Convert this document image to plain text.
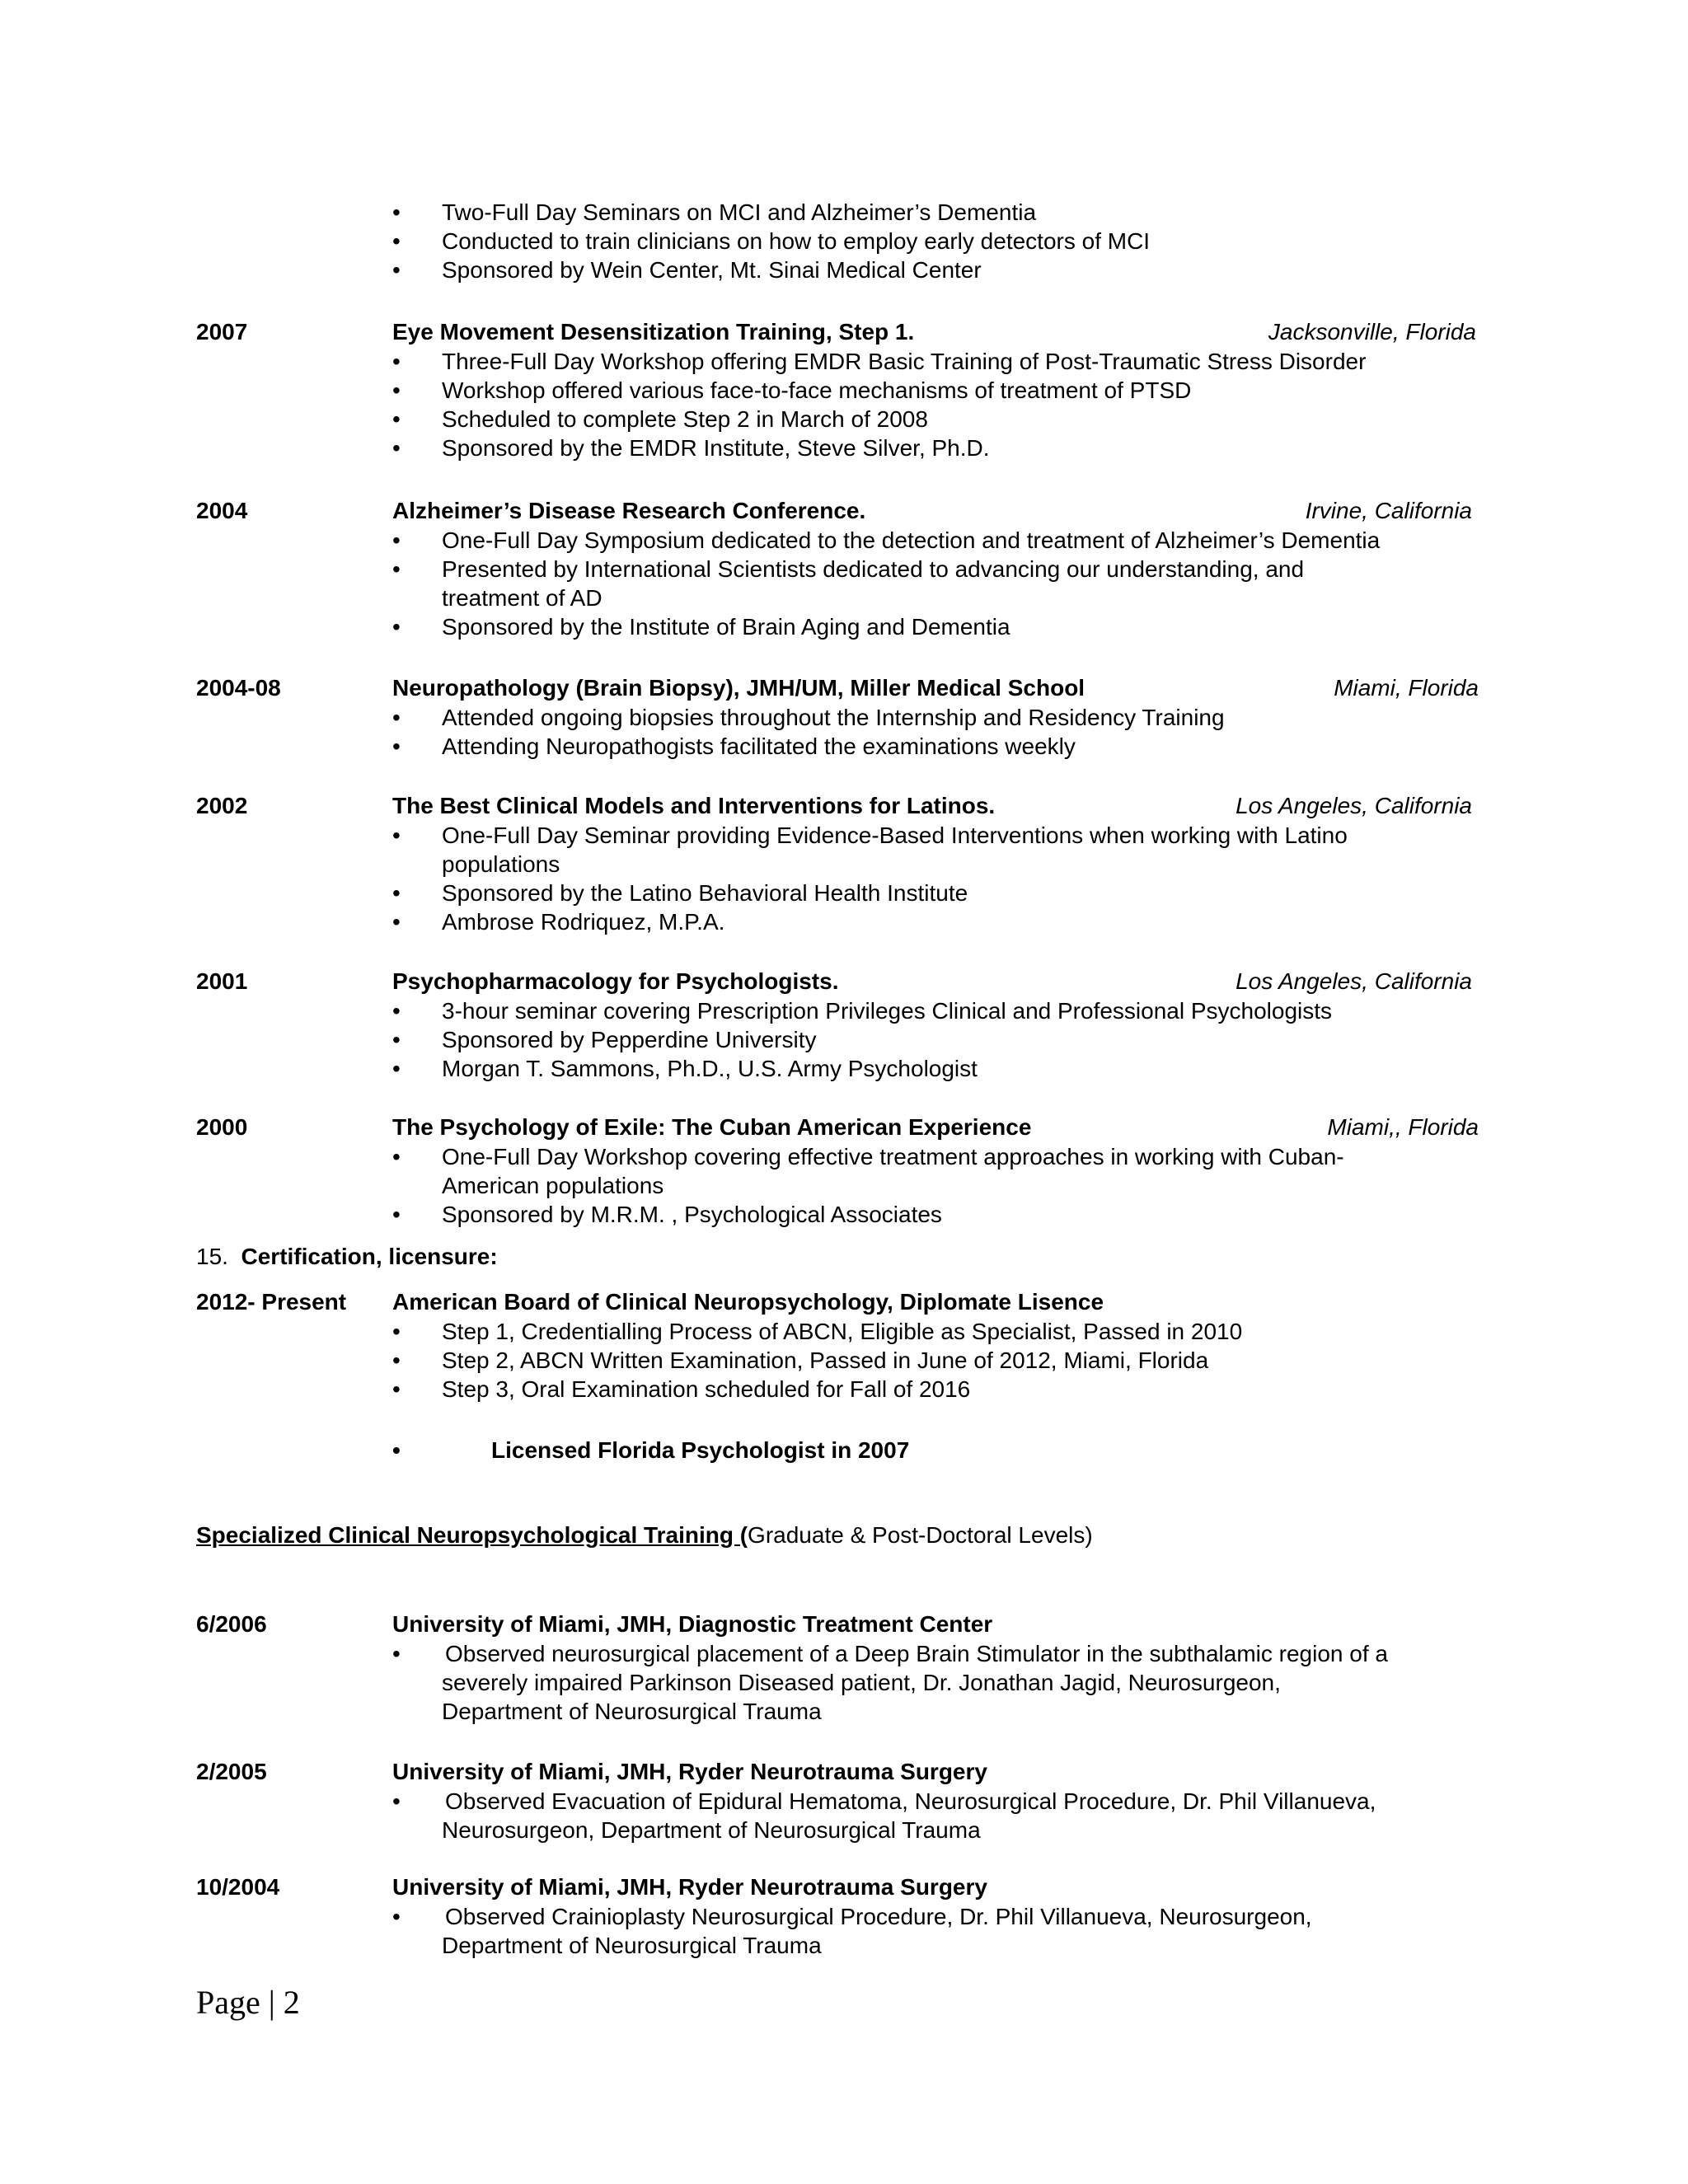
• Two-Full Day Seminars on MCI and Alzheimer’s Dementia
• Conducted to train clinicians on how to employ early detectors of MCI
• Sponsored by Wein Center, Mt. Sinai Medical Center
2007	Eye Movement Desensitization Training, Step 1.	Jacksonville, Florida
• Three-Full Day Workshop offering EMDR Basic Training of Post-Traumatic Stress Disorder
• Workshop offered various face-to-face mechanisms of treatment of PTSD
• Scheduled to complete Step 2 in March of 2008
• Sponsored by the EMDR Institute, Steve Silver, Ph.D.
2004	Alzheimer’s Disease Research Conference.	Irvine, California
• One-Full Day Symposium dedicated to the detection and treatment of Alzheimer’s Dementia
• Presented by International Scientists dedicated to advancing our understanding, and
treatment of AD
• Sponsored by the Institute of Brain Aging and Dementia
2004-08	Neuropathology (Brain Biopsy), JMH/UM, Miller Medical School	Miami, Florida
• Attended ongoing biopsies throughout the Internship and Residency Training
• Attending Neuropathogists facilitated the examinations weekly
2002	The Best Clinical Models and Interventions for Latinos.	Los Angeles, California
• One-Full Day Seminar providing Evidence-Based Interventions when working with Latino
populations
• Sponsored by the Latino Behavioral Health Institute
• Ambrose Rodriquez, M.P.A.
2001	Psychopharmacology for Psychologists.	Los Angeles, California
• 3-hour seminar covering Prescription Privileges Clinical and Professional Psychologists
• Sponsored by Pepperdine University
• Morgan T. Sammons, Ph.D., U.S. Army Psychologist
2000	The Psychology of Exile: The Cuban American Experience	Miami,, Florida
• One-Full Day Workshop covering effective treatment approaches in working with Cuban-
American populations
• Sponsored by M.R.M. , Psychological Associates
15. Certification, licensure:
2012- Present American Board of Clinical Neuropsychology, Diplomate Lisence
• Step 1, Credentialling Process of ABCN, Eligible as Specialist, Passed in 2010
• Step 2, ABCN Written Examination, Passed in June of 2012, Miami, Florida
• Step 3, Oral Examination scheduled for Fall of 2016
• Licensed Florida Psychologist in 2007
Specialized Clinical Neuropsychological Training (Graduate & Post-Doctoral Levels)
6/2006	University of Miami, JMH, Diagnostic Treatment Center
• Observed neurosurgical placement of a Deep Brain Stimulator in the subthalamic region of a
severely impaired Parkinson Diseased patient, Dr. Jonathan Jagid, Neurosurgeon,
Department of Neurosurgical Trauma
2/2005	University of Miami, JMH, Ryder Neurotrauma Surgery
• Observed Evacuation of Epidural Hematoma, Neurosurgical Procedure, Dr. Phil Villanueva,
Neurosurgeon, Department of Neurosurgical Trauma
10/2004	University of Miami, JMH, Ryder Neurotrauma Surgery
• Observed Crainioplasty Neurosurgical Procedure, Dr. Phil Villanueva, Neurosurgeon,
Department of Neurosurgical Trauma
Page | 2
